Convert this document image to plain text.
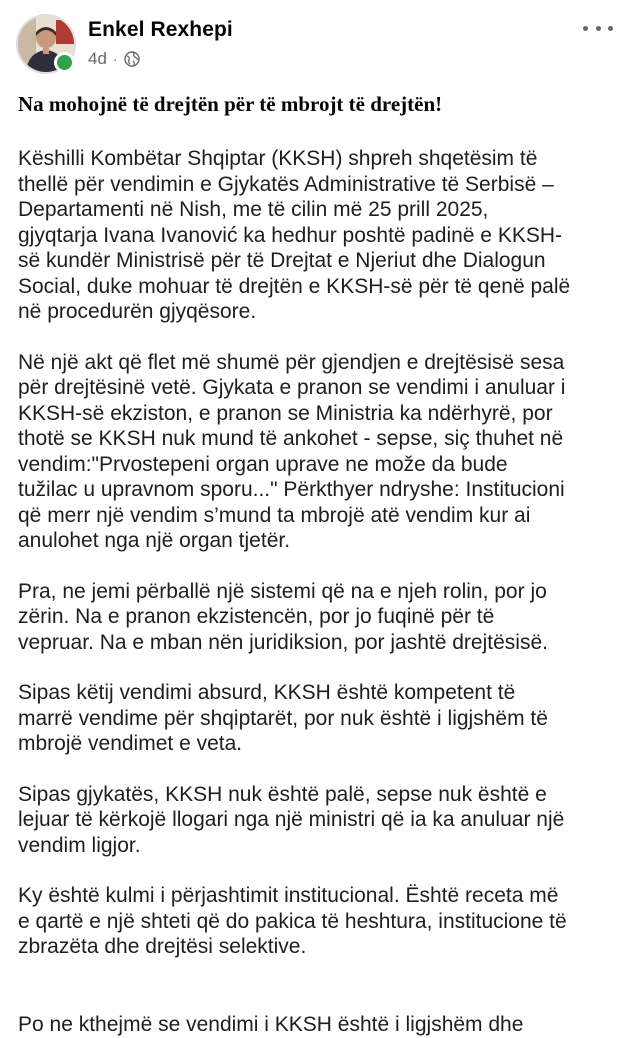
Enkel Rexhepi
4d ·
Na mohojnë të drejtën për të mbrojt të drejtën!

Këshilli Kombëtar Shqiptar (KKSH) shpreh shqetësim të
thellë për vendimin e Gjykatës Administrative të Serbisë –
Departamenti në Nish, me të cilin më 25 prill 2025,
gjyqtarja Ivana Ivanović ka hedhur poshtë padinë e KKSH-
së kundër Ministrisë për të Drejtat e Njeriut dhe Dialogun
Social, duke mohuar të drejtën e KKSH-së për të qenë palë
në procedurën gjyqësore.

Në një akt që flet më shumë për gjendjen e drejtësisë sesa
për drejtësinë vetë. Gjykata e pranon se vendimi i anuluar i
KKSH-së ekziston, e pranon se Ministria ka ndërhyrë, por
thotë se KKSH nuk mund të ankohet - sepse, siç thuhet në
vendim:"Prvostepeni organ uprave ne može da bude
tužilac u upravnom sporu..." Përkthyer ndryshe: Institucioni
që merr një vendim s’mund ta mbrojë atë vendim kur ai
anulohet nga një organ tjetër.

Pra, ne jemi përballë një sistemi që na e njeh rolin, por jo
zërin. Na e pranon ekzistencën, por jo fuqinë për të
vepruar. Na e mban nën juridiksion, por jashtë drejtësisë.

Sipas këtij vendimi absurd, KKSH është kompetent të
marrë vendime për shqiptarët, por nuk është i ligjshëm të
mbrojë vendimet e veta.

Sipas gjykatës, KKSH nuk është palë, sepse nuk është e
lejuar të kërkojë llogari nga një ministri që ia ka anuluar një
vendim ligjor.

Ky është kulmi i përjashtimit institucional. Është receta më
e qartë e një shteti që do pakica të heshtura, institucione të
zbrazëta dhe drejtësi selektive.

Po ne kthejmë se vendimi i KKSH është i ligjshëm dhe
